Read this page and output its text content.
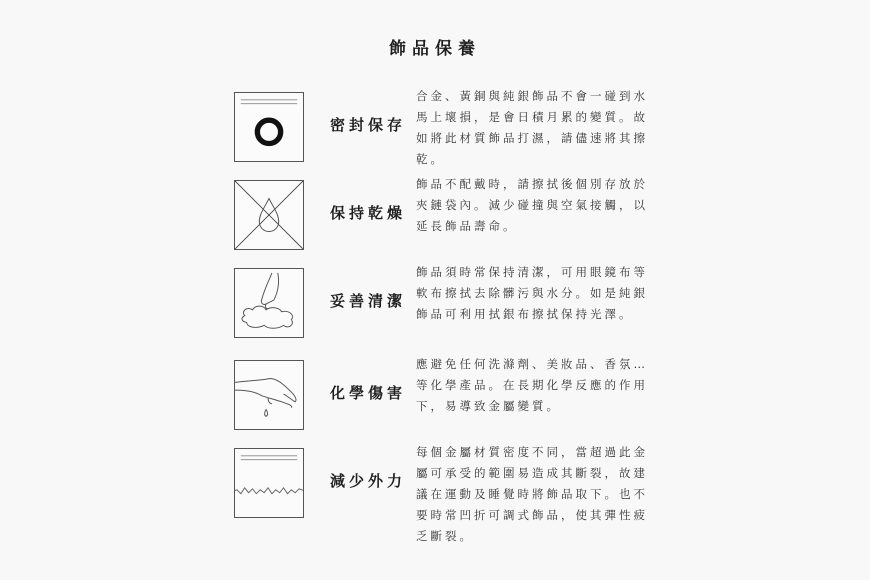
飾品保養
密封保存
合金、黃銅與純銀飾品不會一碰到水馬上壞損，是會日積月累的變質。故如將此材質飾品打濕，請儘速將其擦乾。
保持乾燥
飾品不配戴時，請擦拭後個別存放於夾鏈袋內。減少碰撞與空氣接觸，以延長飾品壽命。
妥善清潔
飾品須時常保持清潔，可用眼鏡布等軟布擦拭去除髒污與水分。如是純銀飾品可利用拭銀布擦拭保持光澤。
化學傷害
應避免任何洗滌劑、美妝品、香氛…等化學產品。在長期化學反應的作用下，易導致金屬變質。
減少外力
每個金屬材質密度不同，當超過此金屬可承受的範圍易造成其斷裂，故建議在運動及睡覺時將飾品取下。也不要時常凹折可調式飾品，使其彈性疲乏斷裂。
